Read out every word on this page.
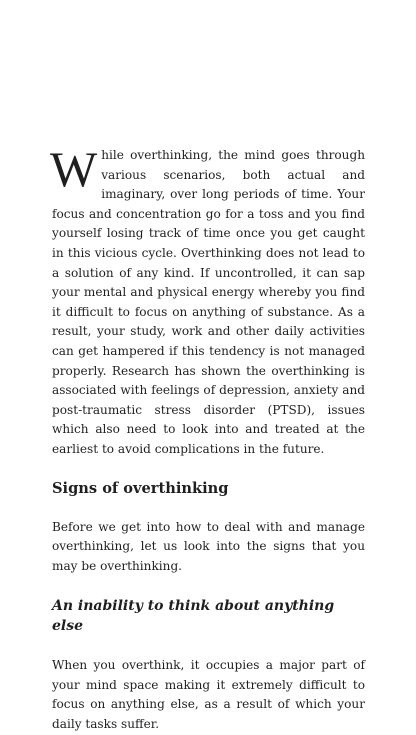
While overthinking, the mind goes through various scenarios, both actual and imaginary, over long periods of time. Your focus and concentration go for a toss and you find yourself losing track of time once you get caught in this vicious cycle. Overthinking does not lead to a solution of any kind. If uncontrolled, it can sap your mental and physical energy whereby you find it difficult to focus on anything of substance. As a result, your study, work and other daily activities can get hampered if this tendency is not managed properly. Research has shown the overthinking is associated with feelings of depression, anxiety and post-traumatic stress disorder (PTSD), issues which also need to look into and treated at the earliest to avoid complications in the future.

Signs of overthinking

Before we get into how to deal with and manage overthinking, let us look into the signs that you may be overthinking.

An inability to think about anything else

When you overthink, it occupies a major part of your mind space making it extremely difficult to focus on anything else, as a result of which your daily tasks suffer.
